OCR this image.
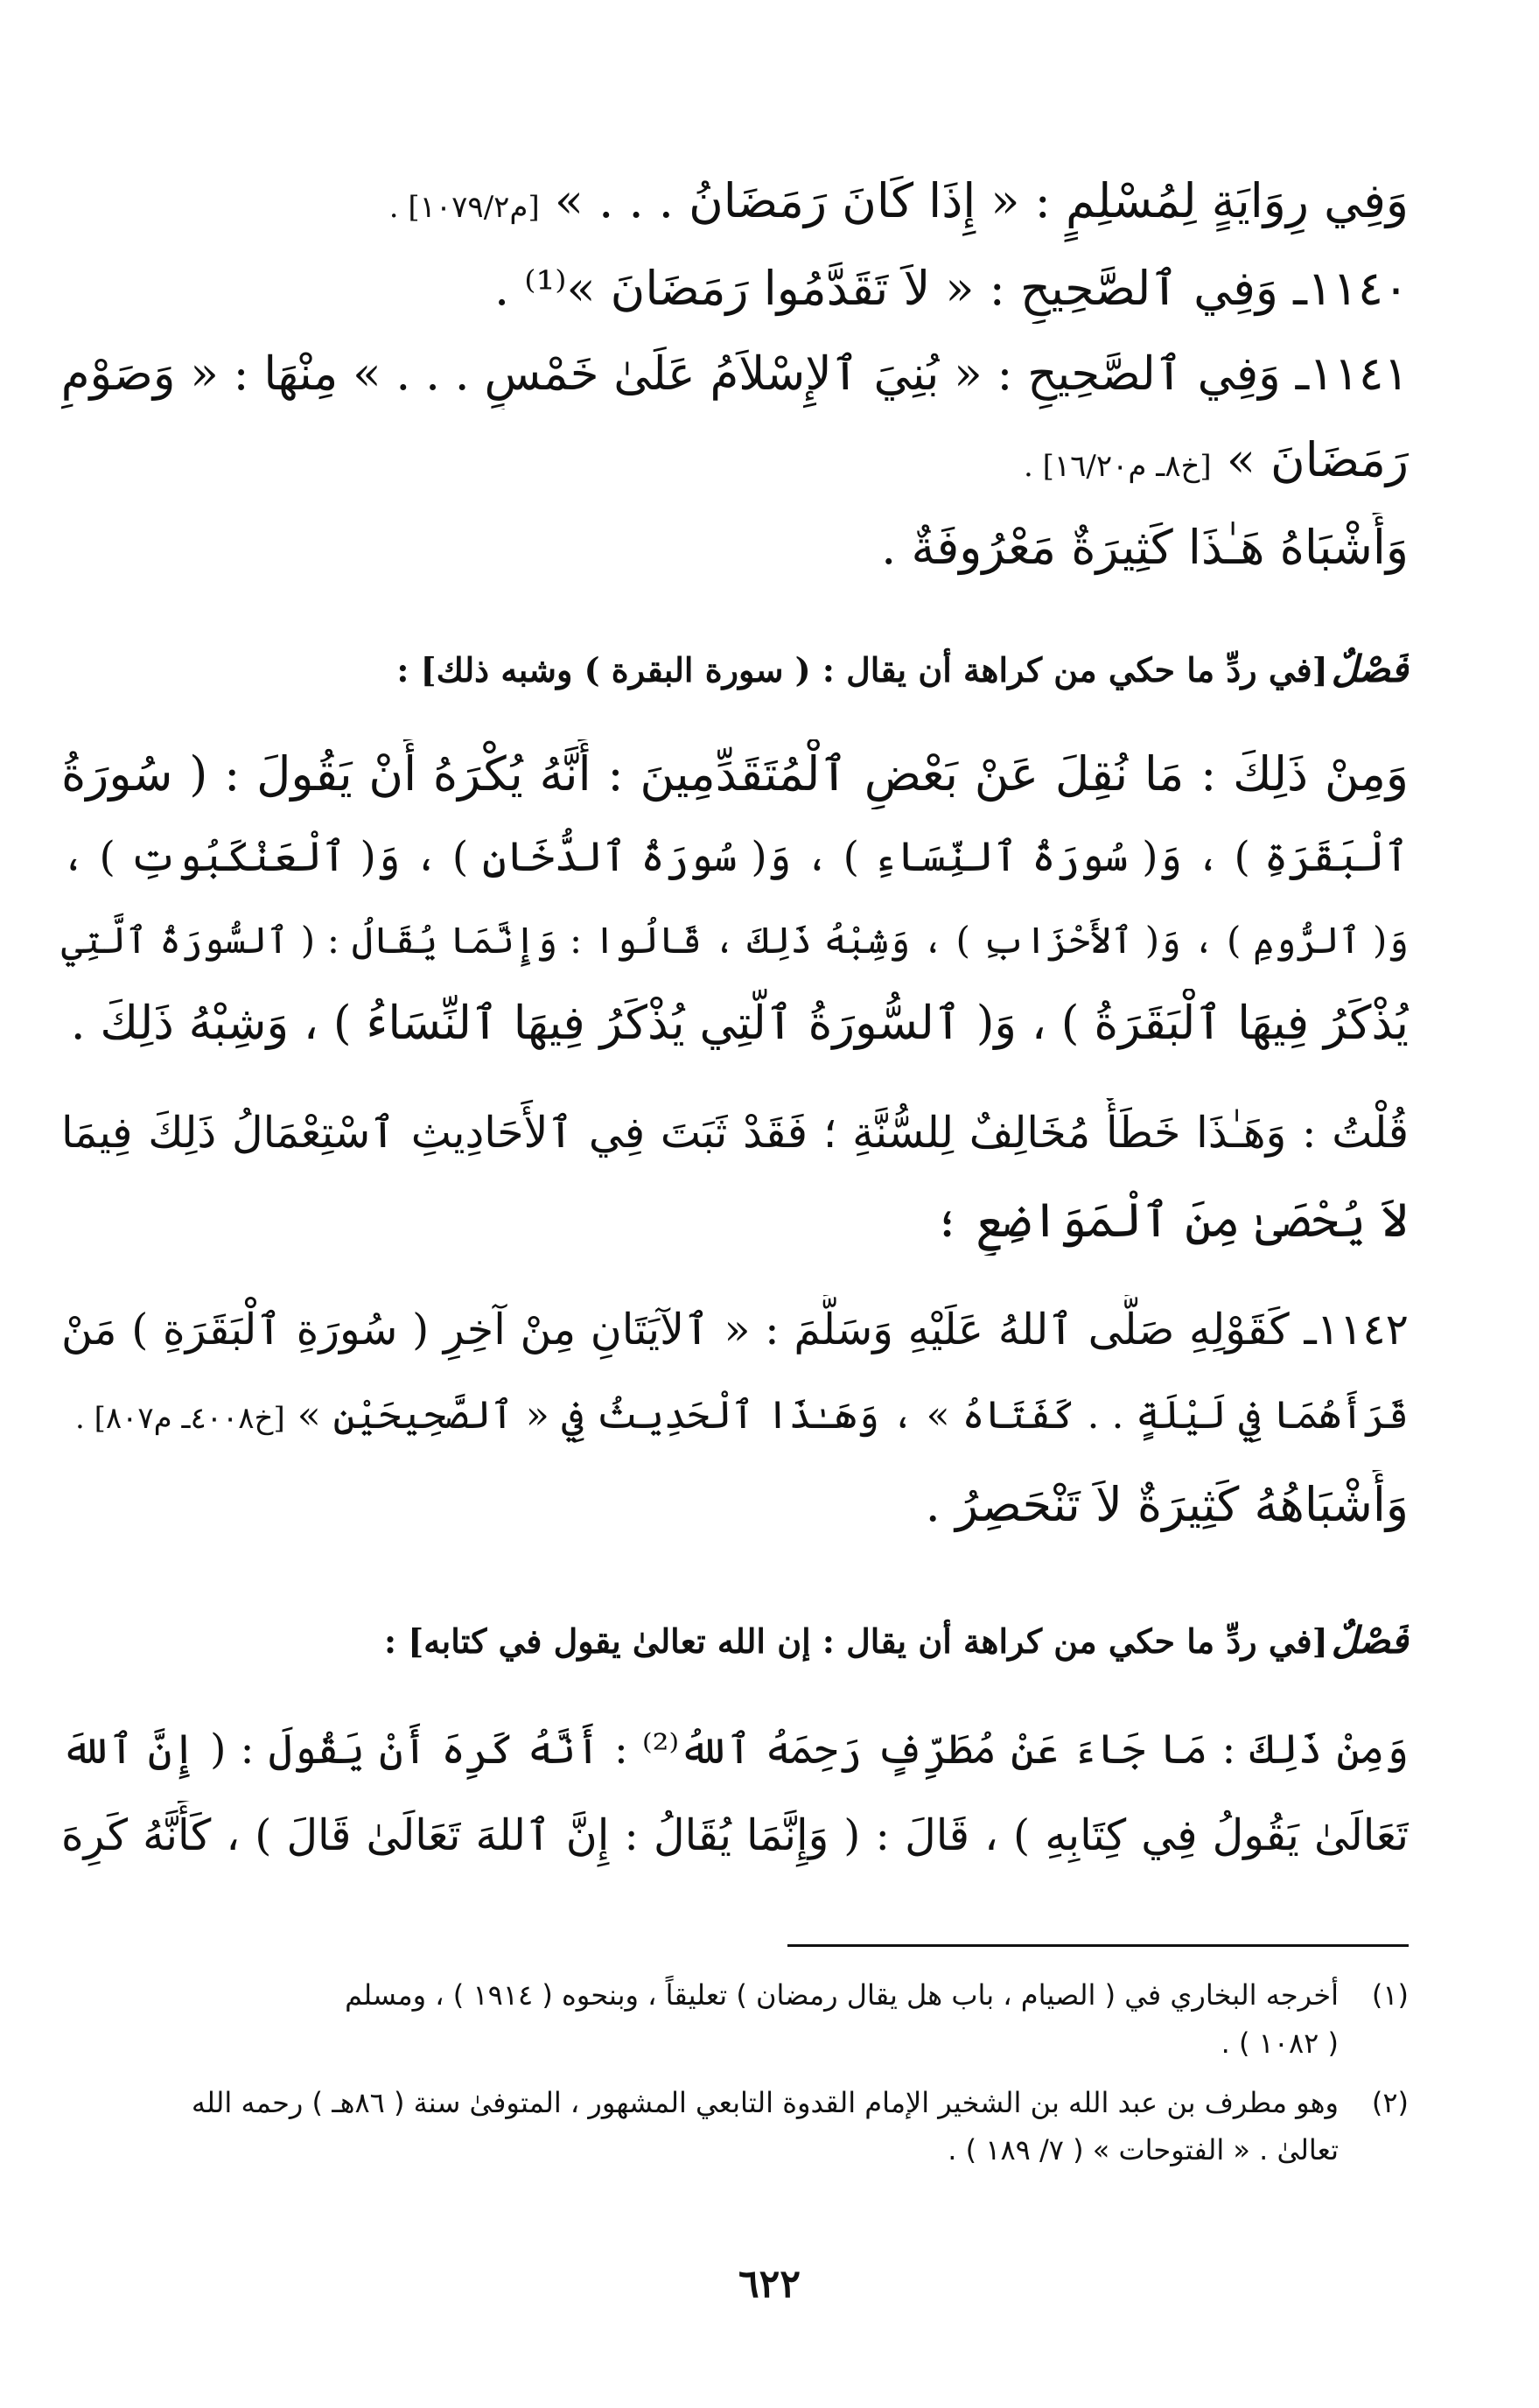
وَفِي رِوَايَةٍ لِمُسْلِمٍ : « إِذَا كَانَ رَمَضَانُ . . . » [م١٠٧٩/٢] .
١١٤٠ـ وَفِي ٱلصَّحِيحِ : « لاَ تَقَدَّمُوا رَمَضَانَ »⁽¹⁾ .
١١٤١ـ وَفِي ٱلصَّحِيحِ : « بُنِيَ ٱلإِسْلاَمُ عَلَىٰ خَمْسٍ . . . » مِنْهَا : « وَصَوْمِ
رَمَضَانَ » [خ٨ـ م١٦/٢٠] .
وَأَشْبَاهُ هَـٰذَا كَثِيرَةٌ مَعْرُوفَةٌ .
فَصْلٌ[في ردِّ ما حكي من كراهة أن يقال : ( سورة البقرة ) وشبه ذلك] :
وَمِنْ ذَلِكَ : مَا نُقِلَ عَنْ بَعْضِ ٱلْمُتَقَدِّمِينَ : أَنَّهُ يُكْرَهُ أَنْ يَقُولَ : ( سُورَةُ
ٱلْبَقَرَةِ ) ، وَ( سُورَةُ ٱلنِّسَاءِ ) ، وَ( سُورَةُ ٱلدُّخَانِ ) ، وَ( ٱلْعَنْكَبُوتِ ) ،
وَ( ٱلرُّومِ ) ، وَ( ٱلأَحْزَابِ ) ، وَشِبْهُ ذَلِكَ ، قَالُوا : وَإِنَّمَا يُقَالُ : ( ٱلسُّورَةُ ٱلَّتِي
يُذْكَرُ فِيهَا ٱلْبَقَرَةُ ) ، وَ( ٱلسُّورَةُ ٱلَّتِي يُذْكَرُ فِيهَا ٱلنِّسَاءُ ) ، وَشِبْهُ ذَلِكَ .
قُلْتُ : وَهَـٰذَا خَطَأٌ مُخَالِفٌ لِلسُّنَّةِ ؛ فَقَدْ ثَبَتَ فِي ٱلأَحَادِيثِ ٱسْتِعْمَالُ ذَلِكَ فِيمَا
لاَ يُحْصَىٰ مِنَ ٱلْمَوَاضِعِ ؛
١١٤٢ـ كَقَوْلِهِ صَلَّى ٱللهُ عَلَيْهِ وَسَلَّمَ : « ٱلآيَتَانِ مِنْ آخِرِ ( سُورَةِ ٱلْبَقَرَةِ ) مَنْ
قَرَأَهُمَا فِي لَيْلَةٍ . . كَفَتَاهُ » ، وَهَـٰذَا ٱلْحَدِيثُ فِي « ٱلصَّحِيحَيْنِ » [خ٤٠٠٨ـ م٨٠٧] .
وَأَشْبَاهُهُ كَثِيرَةٌ لاَ تَنْحَصِرُ .
فَصْلٌ[في ردِّ ما حكي من كراهة أن يقال : إن الله تعالىٰ يقول في كتابه] :
وَمِنْ ذَلِكَ : مَا جَاءَ عَنْ مُطَرِّفٍ رَحِمَهُ ٱللهُ⁽²⁾ : أَنَّهُ كَرِهَ أَنْ يَقُولَ : ( إِنَّ ٱللهَ
تَعَالَىٰ يَقُولُ فِي كِتَابِهِ ) ، قَالَ : ( وَإِنَّمَا يُقَالُ : إِنَّ ٱللهَ تَعَالَىٰ قَالَ ) ، كَأَنَّهُ كَرِهَ
(١)أخرجه البخاري في ( الصيام ، باب هل يقال رمضان ) تعليقاً ، وبنحوه ( ١٩١٤ ) ، ومسلم
( ١٠٨٢ ) .
(٢)وهو مطرف بن عبد الله بن الشخير الإمام القدوة التابعي المشهور ، المتوفىٰ سنة ( ٨٦هـ ) رحمه الله
تعالىٰ . « الفتوحات » ( ٧/ ١٨٩ ) .
٦٢٢
